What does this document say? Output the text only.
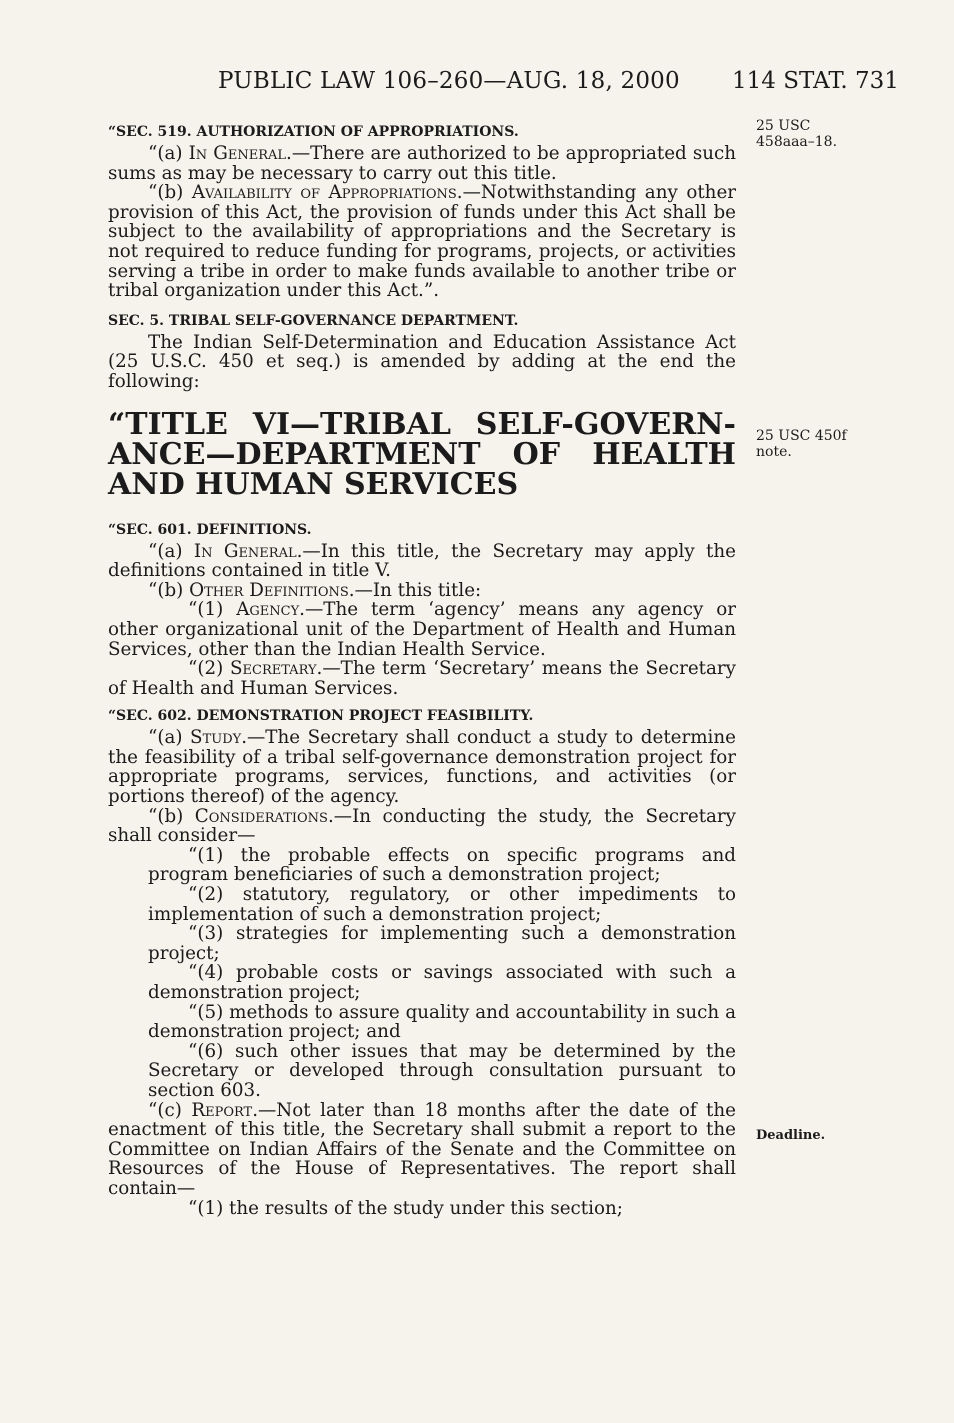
PUBLIC LAW 106–260—AUG. 18, 2000 114 STAT. 731
25 USC
458aaa–18.
25 USC 450f
note.
Deadline.
“SEC. 519. AUTHORIZATION OF APPROPRIATIONS.

“(a) In General.—There are authorized to be appropriated such sums as may be necessary to carry out this title.

“(b) Availability of Appropriations.—Notwithstanding any other provision of this Act, the provision of funds under this Act shall be subject to the availability of appropriations and the Secretary is not required to reduce funding for programs, projects, or activities serving a tribe in order to make funds available to another tribe or tribal organization under this Act.”.

SEC. 5. TRIBAL SELF-GOVERNANCE DEPARTMENT.

The Indian Self-Determination and Education Assistance Act (25 U.S.C. 450 et seq.) is amended by adding at the end the following:

“TITLE VI—TRIBAL SELF-GOVERN-
ANCE—DEPARTMENT OF HEALTH
AND HUMAN SERVICES
“SEC. 601. DEFINITIONS.

“(a) In General.—In this title, the Secretary may apply the definitions contained in title V.

“(b) Other Definitions.—In this title:

“(1) Agency.—The term ‘agency’ means any agency or other organizational unit of the Department of Health and Human Services, other than the Indian Health Service.

“(2) Secretary.—The term ‘Secretary’ means the Secretary of Health and Human Services.

“SEC. 602. DEMONSTRATION PROJECT FEASIBILITY.

“(a) Study.—The Secretary shall conduct a study to determine the feasibility of a tribal self-governance demonstration project for appropriate programs, services, functions, and activities (or portions thereof) of the agency.

“(b) Considerations.—In conducting the study, the Secretary shall consider—

“(1) the probable effects on specific programs and program beneficiaries of such a demonstration project;

“(2) statutory, regulatory, or other impediments to implementation of such a demonstration project;

“(3) strategies for implementing such a demonstration project;

“(4) probable costs or savings associated with such a demonstration project;

“(5) methods to assure quality and accountability in such a demonstration project; and

“(6) such other issues that may be determined by the Secretary or developed through consultation pursuant to section 603.

“(c) Report.—Not later than 18 months after the date of the enactment of this title, the Secretary shall submit a report to the Committee on Indian Affairs of the Senate and the Committee on Resources of the House of Representatives. The report shall contain—

“(1) the results of the study under this section;
